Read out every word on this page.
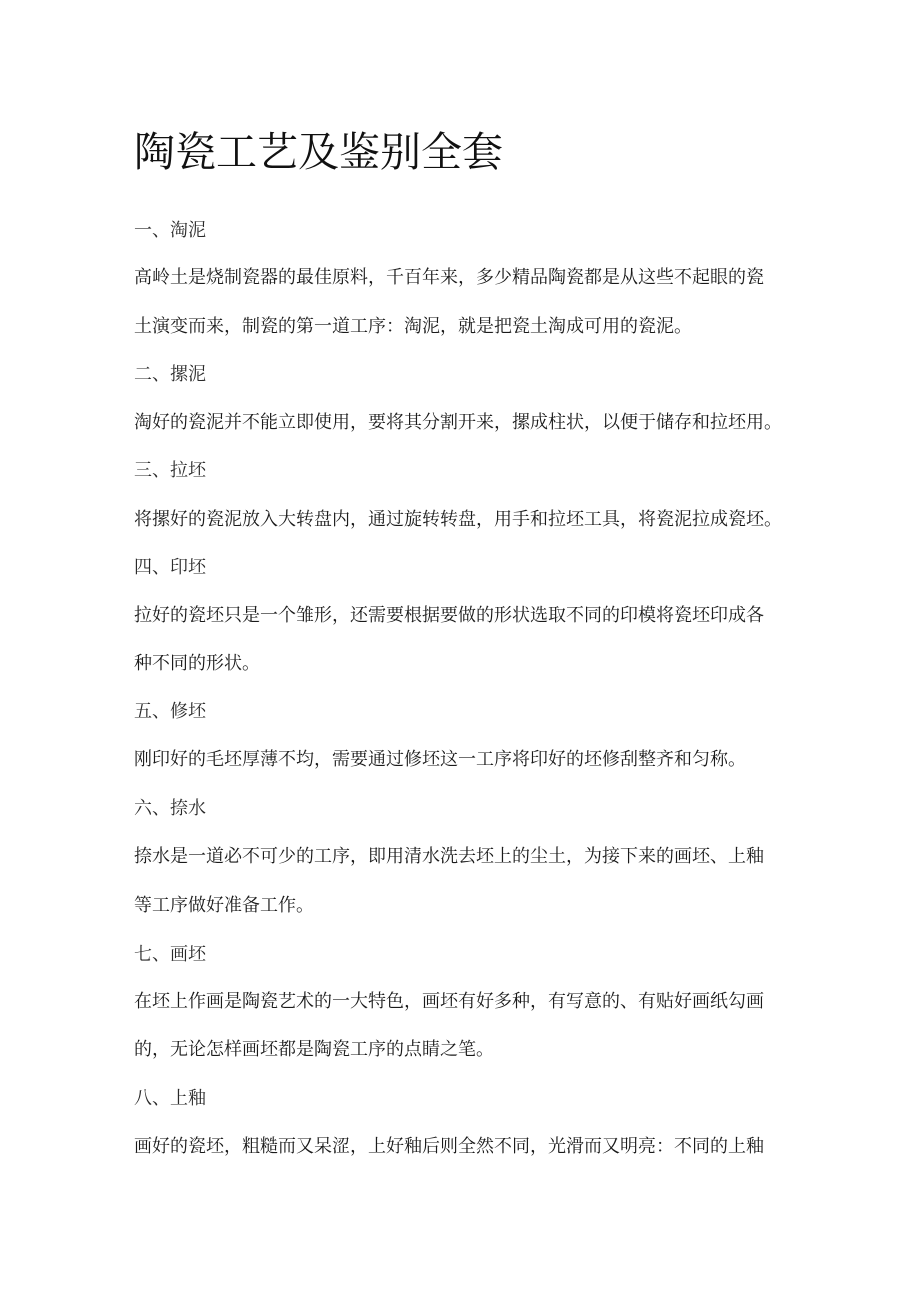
陶瓷工艺及鉴别全套
一、淘泥
高岭土是烧制瓷器的最佳原料，千百年来，多少精品陶瓷都是从这些不起眼的瓷
土演变而来，制瓷的第一道工序：淘泥，就是把瓷土淘成可用的瓷泥。
二、摞泥
淘好的瓷泥并不能立即使用，要将其分割开来，摞成柱状，以便于储存和拉坯用。
三、拉坯
将摞好的瓷泥放入大转盘内，通过旋转转盘，用手和拉坯工具，将瓷泥拉成瓷坯。
四、印坯
拉好的瓷坯只是一个雏形，还需要根据要做的形状选取不同的印模将瓷坯印成各
种不同的形状。
五、修坯
刚印好的毛坯厚薄不均，需要通过修坯这一工序将印好的坯修刮整齐和匀称。
六、捺水
捺水是一道必不可少的工序，即用清水洗去坯上的尘土，为接下来的画坯、上釉
等工序做好准备工作。
七、画坯
在坯上作画是陶瓷艺术的一大特色，画坯有好多种，有写意的、有贴好画纸勾画
的，无论怎样画坯都是陶瓷工序的点睛之笔。
八、上釉
画好的瓷坯，粗糙而又呆涩，上好釉后则全然不同，光滑而又明亮：不同的上釉
